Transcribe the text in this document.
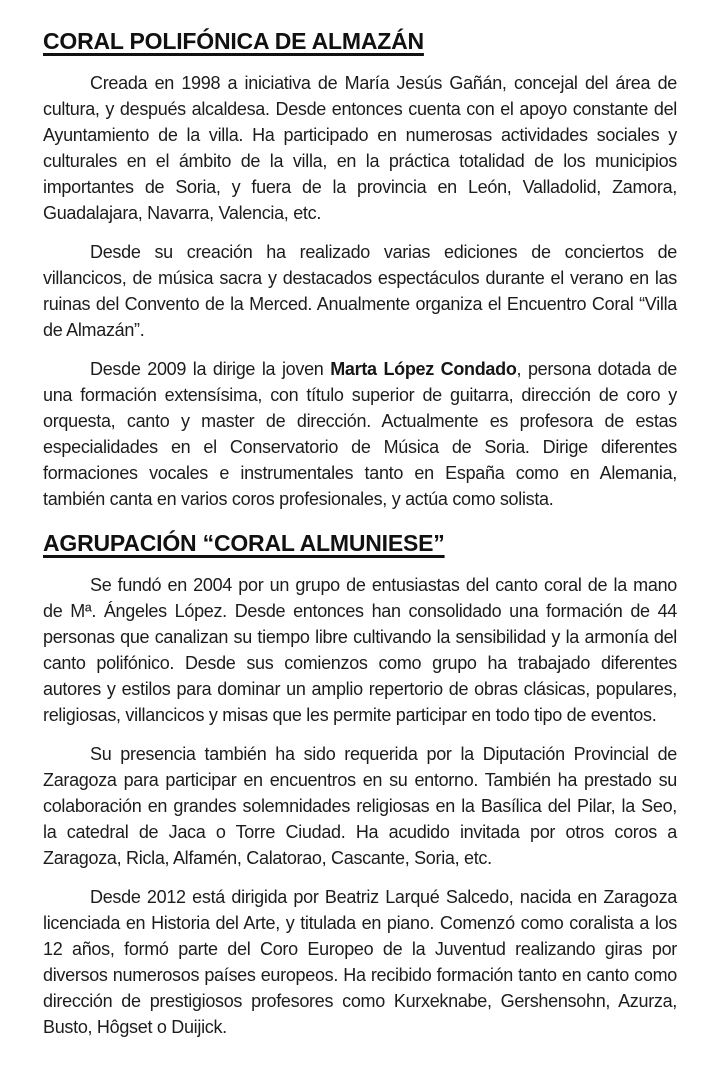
CORAL POLIFÓNICA DE ALMAZÁN

Creada en 1998 a iniciativa de María Jesús Gañán, concejal del área de cultura, y después alcaldesa. Desde entonces cuenta con el apoyo constante del Ayuntamiento de la villa. Ha participado en numerosas actividades sociales y culturales en el ámbito de la villa, en la práctica totalidad de los municipios importantes de Soria, y fuera de la provincia en León, Valladolid, Zamora, Guadalajara, Navarra, Valencia, etc.

Desde su creación ha realizado varias ediciones de conciertos de villancicos, de música sacra y destacados espectáculos durante el verano en las ruinas del Convento de la Merced. Anualmente organiza el Encuentro Coral “Villa de Almazán”.

Desde 2009 la dirige la joven Marta López Condado, persona dotada de una formación extensísima, con título superior de guitarra, dirección de coro y orquesta, canto y master de dirección. Actualmente es profesora de estas especialidades en el Conservatorio de Música de Soria. Dirige diferentes formaciones vocales e instrumentales tanto en España como en Alemania, también canta en varios coros profesionales, y actúa como solista.

AGRUPACIÓN “CORAL ALMUNIESE”

Se fundó en 2004 por un grupo de entusiastas del canto coral de la mano de Mª. Ángeles López. Desde entonces han consolidado una formación de 44 personas que canalizan su tiempo libre cultivando la sensibilidad y la armonía del canto polifónico. Desde sus comienzos como grupo ha trabajado diferentes autores y estilos para dominar un amplio repertorio de obras clásicas, populares, religiosas, villancicos y misas que les permite participar en todo tipo de eventos.

Su presencia también ha sido requerida por la Diputación Provincial de Zaragoza para participar en encuentros en su entorno. También ha prestado su colaboración en grandes solemnidades religiosas en la Basílica del Pilar, la Seo, la catedral de Jaca o Torre Ciudad. Ha acudido invitada por otros coros a Zaragoza, Ricla, Alfamén, Calatorao, Cascante, Soria, etc.

Desde 2012 está dirigida por Beatriz Larqué Salcedo, nacida en Zaragoza licenciada en Historia del Arte, y titulada en piano. Comenzó como coralista a los 12 años, formó parte del Coro Europeo de la Juventud realizando giras por diversos numerosos países europeos. Ha recibido formación tanto en canto como dirección de prestigiosos profesores como Kurxeknabe, Gershensohn, Azurza, Busto, Hôgset o Duijick.
